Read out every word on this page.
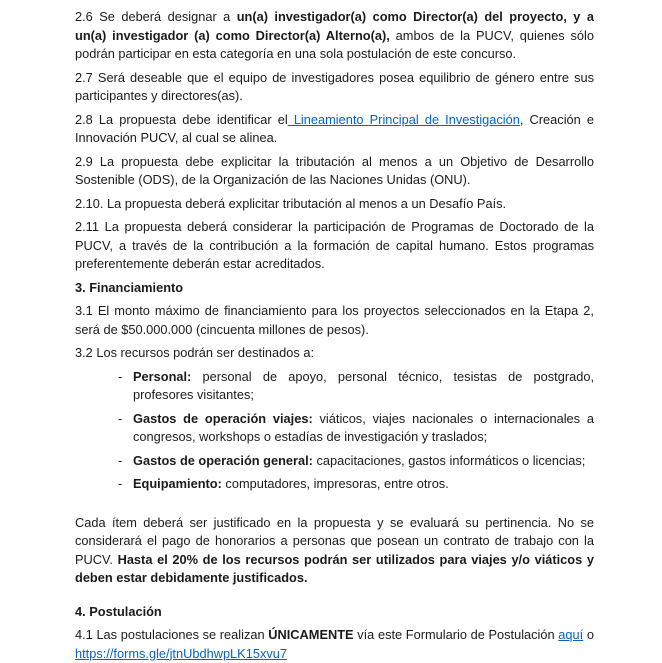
2.6 Se deberá designar a un(a) investigador(a) como Director(a) del proyecto, y a un(a) investigador (a) como Director(a) Alterno(a), ambos de la PUCV, quienes sólo podrán participar en esta categoría en una sola postulación de este concurso.

2.7 Será deseable que el equipo de investigadores posea equilibrio de género entre sus participantes y directores(as).

2.8 La propuesta debe identificar el Lineamiento Principal de Investigación, Creación e Innovación PUCV, al cual se alinea.

2.9 La propuesta debe explicitar la tributación al menos a un Objetivo de Desarrollo Sostenible (ODS), de la Organización de las Naciones Unidas (ONU).

2.10. La propuesta deberá explicitar tributación al menos a un Desafío País.

2.11 La propuesta deberá considerar la participación de Programas de Doctorado de la PUCV, a través de la contribución a la formación de capital humano. Estos programas preferentemente deberán estar acreditados.

3. Financiamiento

3.1 El monto máximo de financiamiento para los proyectos seleccionados en la Etapa 2, será de $50.000.000 (cincuenta millones de pesos).

3.2 Los recursos podrán ser destinados a:

- Personal: personal de apoyo, personal técnico, tesistas de postgrado, profesores visitantes;
- Gastos de operación viajes: viáticos, viajes nacionales o internacionales a congresos, workshops o estadías de investigación y traslados;
- Gastos de operación general: capacitaciones, gastos informáticos o licencias;
- Equipamiento: computadores, impresoras, entre otros.

Cada ítem deberá ser justificado en la propuesta y se evaluará su pertinencia. No se considerará el pago de honorarios a personas que posean un contrato de trabajo con la PUCV. Hasta el 20% de los recursos podrán ser utilizados para viajes y/o viáticos y deben estar debidamente justificados.

4. Postulación

4.1 Las postulaciones se realizan ÚNICAMENTE vía este Formulario de Postulación aquí o https://forms.gle/jtnUbdhwpLK15xvu7
